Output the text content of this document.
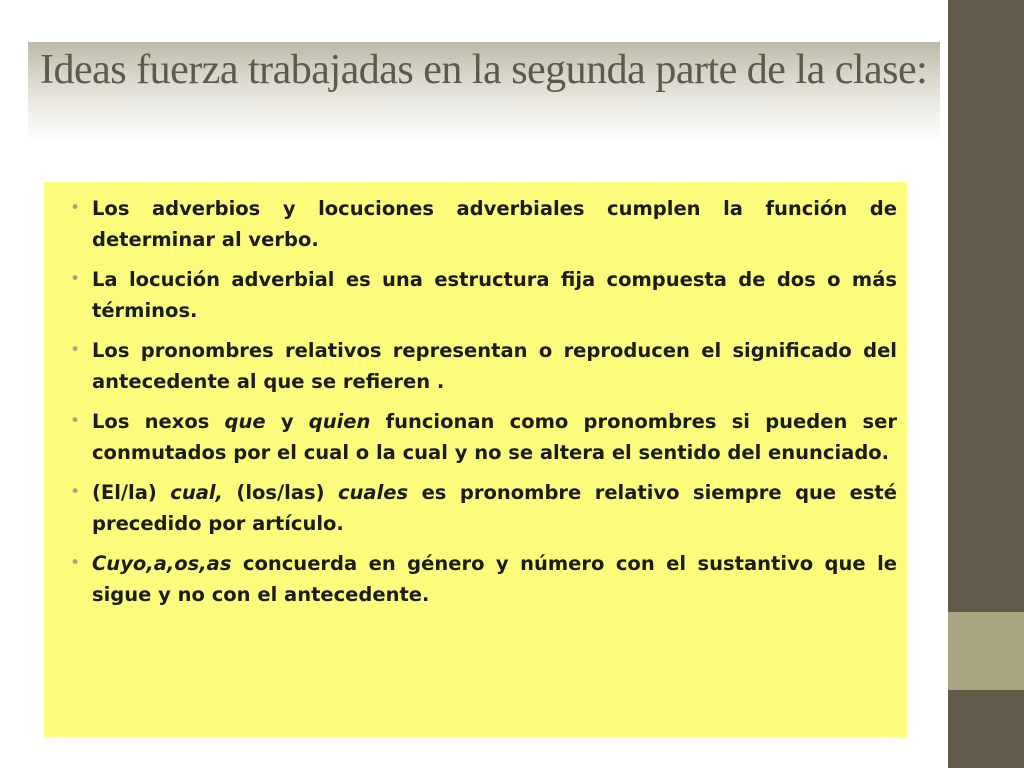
Ideas fuerza trabajadas en la segunda parte de la clase:
• Los adverbios y locuciones adverbiales cumplen la función de determinar al verbo.
• La locución adverbial es una estructura fija compuesta de dos o más términos.
• Los pronombres relativos representan o reproducen el significado del antecedente al que se refieren .
• Los nexos que y quien funcionan como pronombres si pueden ser conmutados por el cual o la cual y no se altera el sentido del enunciado.
• (El/la) cual, (los/las) cuales es pronombre relativo siempre que esté precedido por artículo.
• Cuyo,a,os,as concuerda en género y número con el sustantivo que le sigue y no con el antecedente.
